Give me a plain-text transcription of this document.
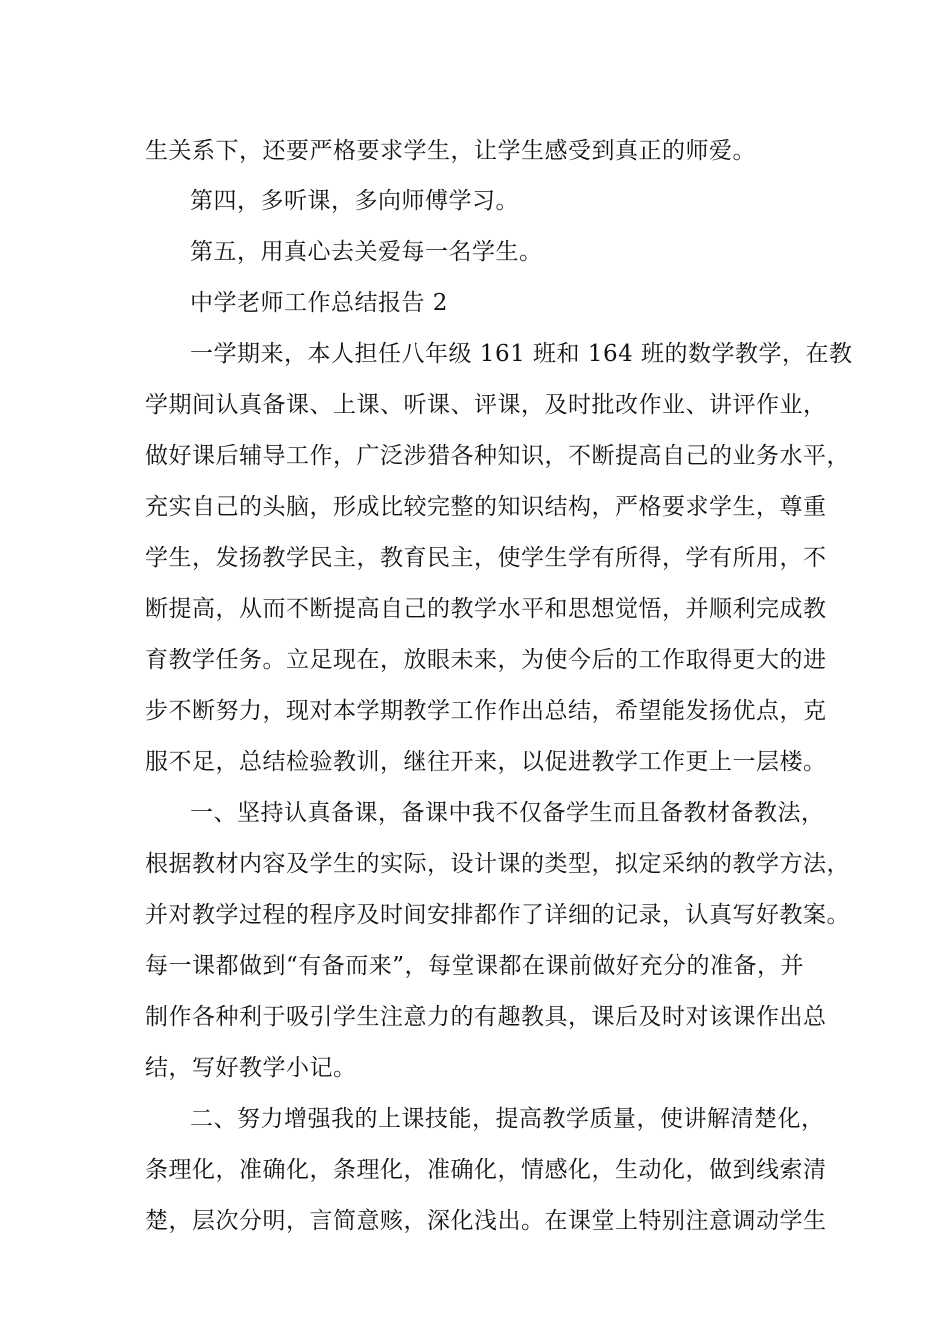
生关系下，还要严格要求学生，让学生感受到真正的师爱。
第四，多听课，多向师傅学习。
第五，用真心去关爱每一名学生。
中学老师工作总结报告 2
一学期来，本人担任八年级 161 班和 164 班的数学教学，在教
学期间认真备课、上课、听课、评课，及时批改作业、讲评作业，
做好课后辅导工作，广泛涉猎各种知识，不断提高自己的业务水平，
充实自己的头脑，形成比较完整的知识结构，严格要求学生，尊重
学生，发扬教学民主，教育民主，使学生学有所得，学有所用，不
断提高，从而不断提高自己的教学水平和思想觉悟，并顺利完成教
育教学任务。立足现在，放眼未来，为使今后的工作取得更大的进
步不断努力，现对本学期教学工作作出总结，希望能发扬优点，克
服不足，总结检验教训，继往开来，以促进教学工作更上一层楼。
一、坚持认真备课，备课中我不仅备学生而且备教材备教法，
根据教材内容及学生的实际，设计课的类型，拟定采纳的教学方法，
并对教学过程的程序及时间安排都作了详细的记录，认真写好教案。
每一课都做到“有备而来”，每堂课都在课前做好充分的准备，并
制作各种利于吸引学生注意力的有趣教具，课后及时对该课作出总
结，写好教学小记。
二、努力增强我的上课技能，提高教学质量，使讲解清楚化，
条理化，准确化，条理化，准确化，情感化，生动化，做到线索清
楚，层次分明，言简意赅，深化浅出。在课堂上特别注意调动学生
